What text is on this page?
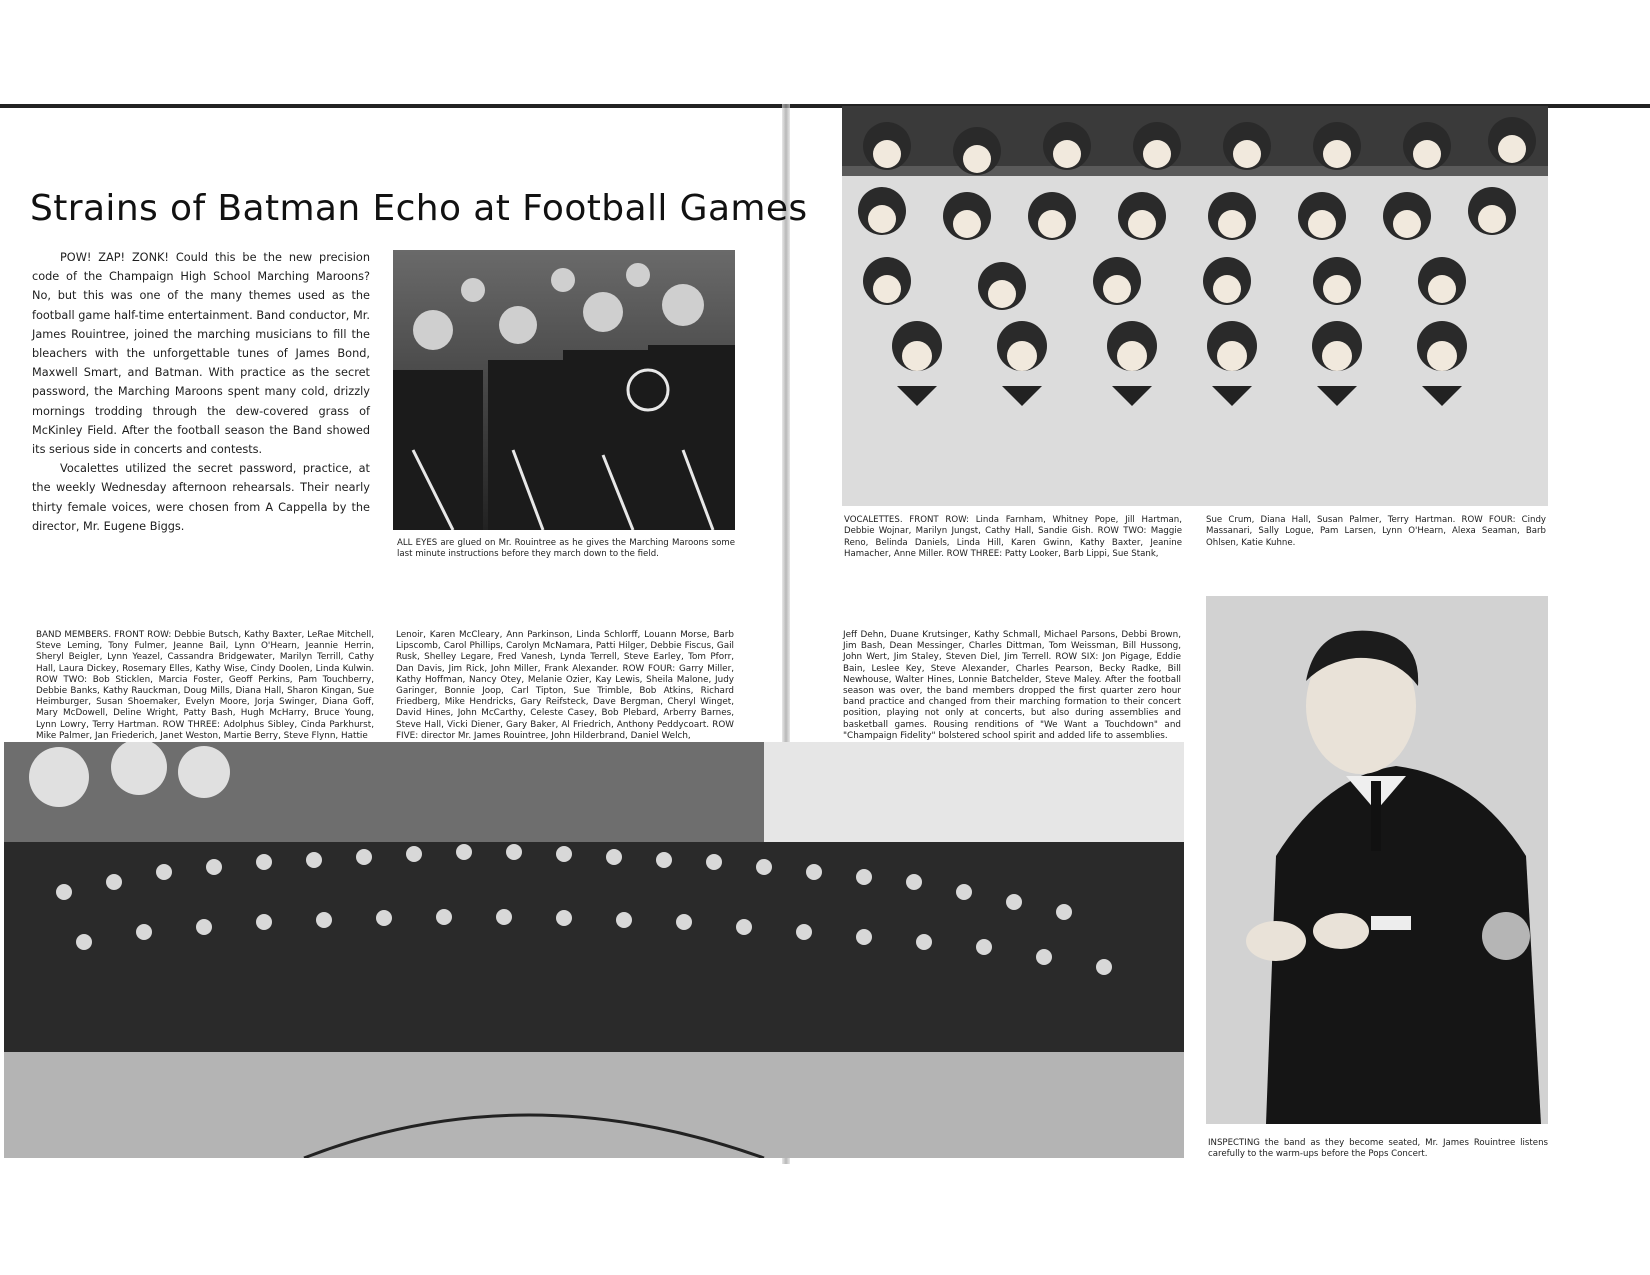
Strains of Batman Echo at Football Games

POW! ZAP! ZONK! Could this be the new precision code of the Champaign High School Marching Maroons? No, but this was one of the many themes used as the football game half-time entertainment. Band conductor, Mr. James Rouintree, joined the marching musicians to fill the bleachers with the unforgettable tunes of James Bond, Maxwell Smart, and Batman. With practice as the secret password, the Marching Maroons spent many cold, drizzly mornings trodding through the dew-covered grass of McKinley Field. After the football season the Band showed its serious side in concerts and contests.

Vocalettes utilized the secret password, practice, at the weekly Wednesday afternoon rehearsals. Their nearly thirty female voices, were chosen from A Cappella by the director, Mr. Eugene Biggs.

ALL EYES are glued on Mr. Rouintree as he gives the Marching Maroons some last minute instructions before they march down to the field.
VOCALETTES. FRONT ROW: Linda Farnham, Whitney Pope, Jill Hartman, Debbie Wojnar, Marilyn Jungst, Cathy Hall, Sandie Gish. ROW TWO: Maggie Reno, Belinda Daniels, Linda Hill, Karen Gwinn, Kathy Baxter, Jeanine Hamacher, Anne Miller. ROW THREE: Patty Looker, Barb Lippi, Sue Stank,
Sue Crum, Diana Hall, Susan Palmer, Terry Hartman. ROW FOUR: Cindy Massanari, Sally Logue, Pam Larsen, Lynn O'Hearn, Alexa Seaman, Barb Ohlsen, Katie Kuhne.
BAND MEMBERS. FRONT ROW: Debbie Butsch, Kathy Baxter, LeRae Mitchell, Steve Leming, Tony Fulmer, Jeanne Bail, Lynn O'Hearn, Jeannie Herrin, Sheryl Beigler, Lynn Yeazel, Cassandra Bridgewater, Marilyn Terrill, Cathy Hall, Laura Dickey, Rosemary Elles, Kathy Wise, Cindy Doolen, Linda Kulwin. ROW TWO: Bob Sticklen, Marcia Foster, Geoff Perkins, Pam Touchberry, Debbie Banks, Kathy Rauckman, Doug Mills, Diana Hall, Sharon Kingan, Sue Heimburger, Susan Shoemaker, Evelyn Moore, Jorja Swinger, Diana Goff, Mary McDowell, Deline Wright, Patty Bash, Hugh McHarry, Bruce Young, Lynn Lowry, Terry Hartman. ROW THREE: Adolphus Sibley, Cinda Parkhurst, Mike Palmer, Jan Friederich, Janet Weston, Martie Berry, Steve Flynn, Hattie
Lenoir, Karen McCleary, Ann Parkinson, Linda Schlorff, Louann Morse, Barb Lipscomb, Carol Phillips, Carolyn McNamara, Patti Hilger, Debbie Fiscus, Gail Rusk, Shelley Legare, Fred Vanesh, Lynda Terrell, Steve Earley, Tom Pforr, Dan Davis, Jim Rick, John Miller, Frank Alexander. ROW FOUR: Garry Miller, Kathy Hoffman, Nancy Otey, Melanie Ozier, Kay Lewis, Sheila Malone, Judy Garinger, Bonnie Joop, Carl Tipton, Sue Trimble, Bob Atkins, Richard Friedberg, Mike Hendricks, Gary Reifsteck, Dave Bergman, Cheryl Winget, David Hines, John McCarthy, Celeste Casey, Bob Plebard, Arberry Barnes, Steve Hall, Vicki Diener, Gary Baker, Al Friedrich, Anthony Peddycoart. ROW FIVE: director Mr. James Rouintree, John Hilderbrand, Daniel Welch,
Jeff Dehn, Duane Krutsinger, Kathy Schmall, Michael Parsons, Debbi Brown, Jim Bash, Dean Messinger, Charles Dittman, Tom Weissman, Bill Hussong, John Wert, Jim Staley, Steven Diel, Jim Terrell. ROW SIX: Jon Pigage, Eddie Bain, Leslee Key, Steve Alexander, Charles Pearson, Becky Radke, Bill Newhouse, Walter Hines, Lonnie Batchelder, Steve Maley. After the football season was over, the band members dropped the first quarter zero hour band practice and changed from their marching formation to their concert position, playing not only at concerts, but also during assemblies and basketball games. Rousing renditions of "We Want a Touchdown" and "Champaign Fidelity" bolstered school spirit and added life to assemblies.
INSPECTING the band as they become seated, Mr. James Rouintree listens carefully to the warm-ups before the Pops Concert.
